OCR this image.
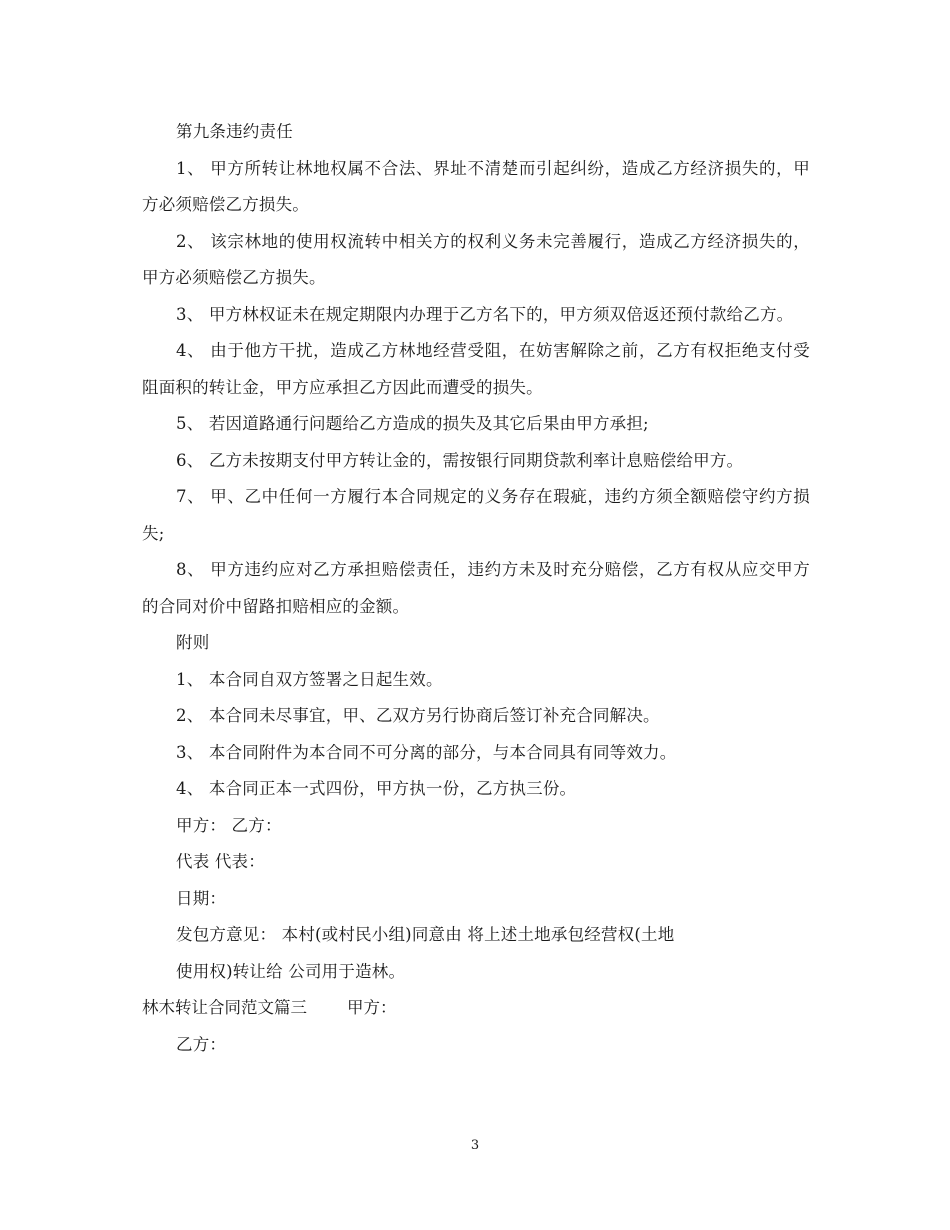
第九条违约责任

1、 甲方所转让林地权属不合法、界址不清楚而引起纠纷，造成乙方经济损失的，甲方必须赔偿乙方损失。

2、 该宗林地的使用权流转中相关方的权利义务未完善履行，造成乙方经济损失的，甲方必须赔偿乙方损失。

3、 甲方林权证未在规定期限内办理于乙方名下的，甲方须双倍返还预付款给乙方。

4、 由于他方干扰，造成乙方林地经营受阻，在妨害解除之前，乙方有权拒绝支付受阻面积的转让金，甲方应承担乙方因此而遭受的损失。

5、 若因道路通行问题给乙方造成的损失及其它后果由甲方承担;

6、 乙方未按期支付甲方转让金的，需按银行同期贷款利率计息赔偿给甲方。

7、 甲、乙中任何一方履行本合同规定的义务存在瑕疵，违约方须全额赔偿守约方损失;

8、 甲方违约应对乙方承担赔偿责任，违约方未及时充分赔偿，乙方有权从应交甲方的合同对价中留路扣赔相应的金额。

附则

1、 本合同自双方签署之日起生效。

2、 本合同未尽事宜，甲、乙双方另行协商后签订补充合同解决。

3、 本合同附件为本合同不可分离的部分，与本合同具有同等效力。

4、 本合同正本一式四份，甲方执一份，乙方执三份。

甲方： 乙方：

代表 代表：

日期：

发包方意见： 本村(或村民小组)同意由 将上述土地承包经营权(土地

使用权)转让给 公司用于造林。

林木转让合同范文篇三 甲方：

乙方：

3
